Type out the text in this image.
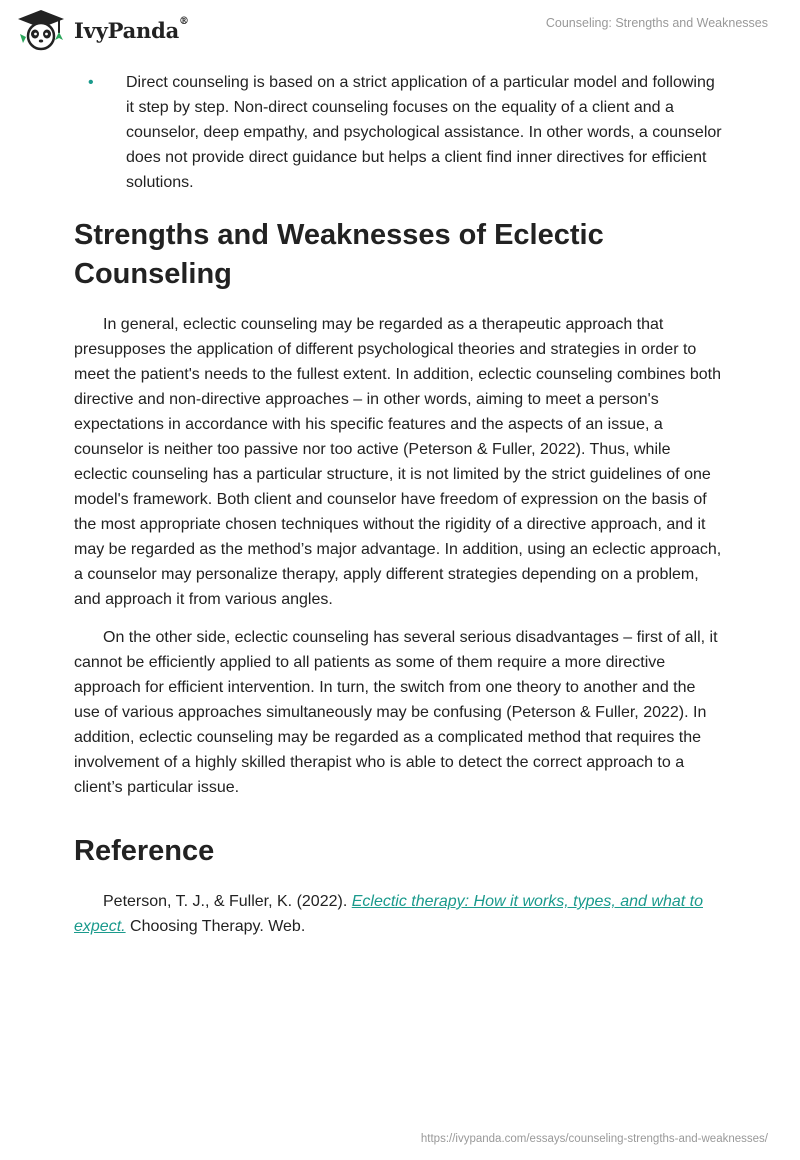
IvyPanda®	Counseling: Strengths and Weaknesses
• Direct counseling is based on a strict application of a particular model and following it step by step. Non-direct counseling focuses on the equality of a client and a counselor, deep empathy, and psychological assistance. In other words, a counselor does not provide direct guidance but helps a client find inner directives for efficient solutions.
Strengths and Weaknesses of Eclectic Counseling

In general, eclectic counseling may be regarded as a therapeutic approach that presupposes the application of different psychological theories and strategies in order to meet the patient's needs to the fullest extent. In addition, eclectic counseling combines both directive and non-directive approaches – in other words, aiming to meet a person's expectations in accordance with his specific features and the aspects of an issue, a counselor is neither too passive nor too active (Peterson & Fuller, 2022). Thus, while eclectic counseling has a particular structure, it is not limited by the strict guidelines of one model's framework. Both client and counselor have freedom of expression on the basis of the most appropriate chosen techniques without the rigidity of a directive approach, and it may be regarded as the method’s major advantage. In addition, using an eclectic approach, a counselor may personalize therapy, apply different strategies depending on a problem, and approach it from various angles.

On the other side, eclectic counseling has several serious disadvantages – first of all, it cannot be efficiently applied to all patients as some of them require a more directive approach for efficient intervention. In turn, the switch from one theory to another and the use of various approaches simultaneously may be confusing (Peterson & Fuller, 2022). In addition, eclectic counseling may be regarded as a complicated method that requires the involvement of a highly skilled therapist who is able to detect the correct approach to a client’s particular issue.

Reference

Peterson, T. J., & Fuller, K. (2022). Eclectic therapy: How it works, types, and what to expect. Choosing Therapy. Web.

https://ivypanda.com/essays/counseling-strengths-and-weaknesses/
